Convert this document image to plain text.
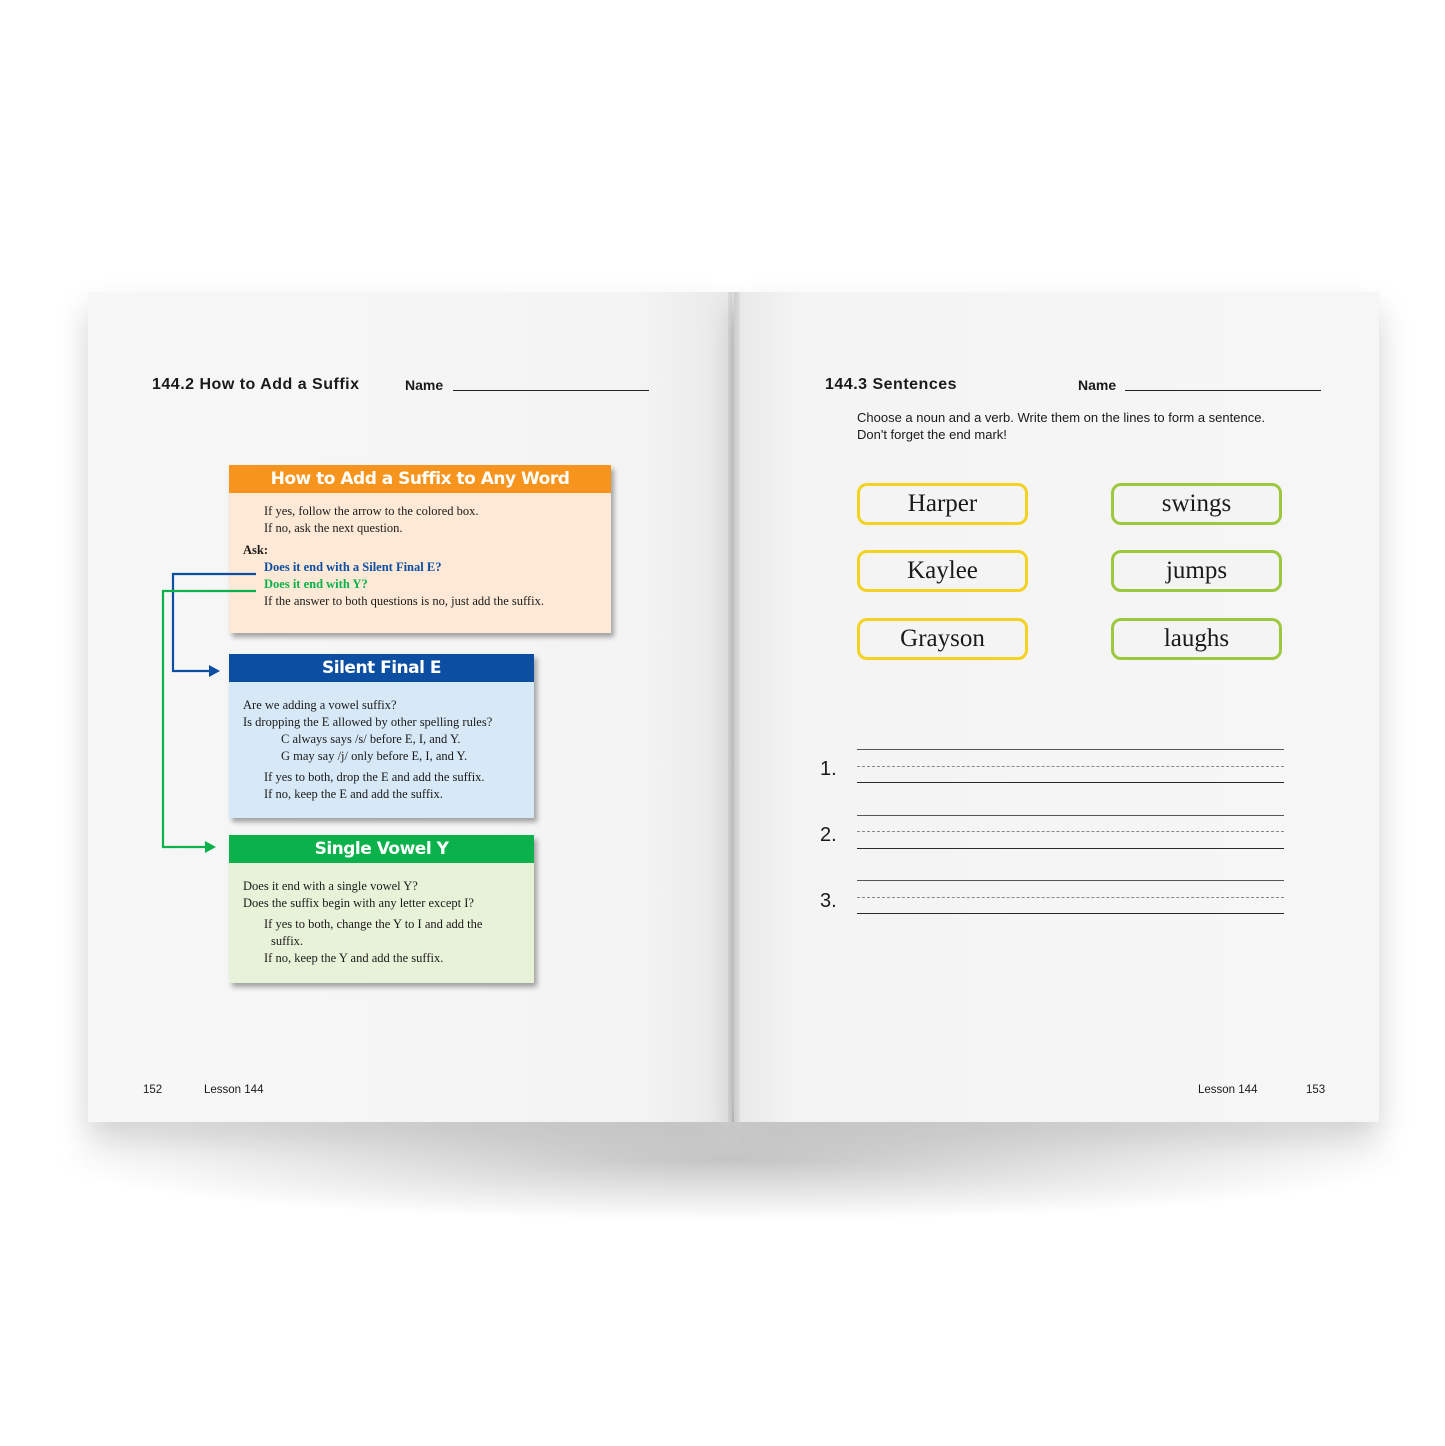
144.2 How to Add a Suffix	Name
How to Add a Suffix to Any Word

If yes, follow the arrow to the colored box.

If no, ask the next question.

Ask:

Does it end with a Silent Final E?

Does it end with Y?

If the answer to both questions is no, just add the suffix.

Silent Final E

Are we adding a vowel suffix?

Is dropping the E allowed by other spelling rules?

C always says /s/ before E, I, and Y.

G may say /j/ only before E, I, and Y.

If yes to both, drop the E and add the suffix.

If no, keep the E and add the suffix.

Single Vowel Y

Does it end with a single vowel Y?

Does the suffix begin with any letter except I?

If yes to both, change the Y to I and add the

suffix.

If no, keep the Y and add the suffix.

152	Lesson 144
144.3 Sentences	Name
Choose a noun and a verb. Write them on the lines to form a sentence.
Don't forget the end mark!
Harper
Kaylee
Grayson
swings
jumps
laughs
1.
2.
3.
Lesson 144	153
